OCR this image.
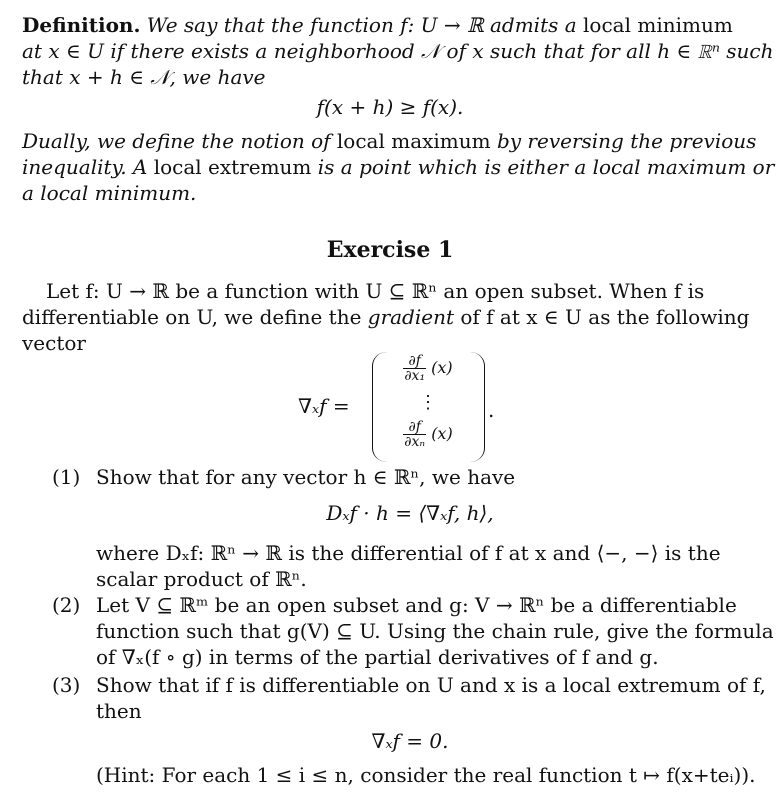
Definition. We say that the function f: U → ℝ admits a local minimum
at x ∈ U if there exists a neighborhood 𝒩 of x such that for all h ∈ ℝⁿ such
that x + h ∈ 𝒩, we have
f(x + h) ≥ f(x).
Dually, we define the notion of local maximum by reversing the previous
inequality. A local extremum is a point which is either a local maximum or
a local minimum.
Exercise 1
Let f: U → ℝ be a function with U ⊆ ℝⁿ an open subset. When f is
differentiable on U, we define the gradient of f at x ∈ U as the following
vector
∇ₓf =
$\frac{\partial f}{\text{∂x₁}} (x)$
⋮
$\frac{\partial f}{\text{∂xₙ}} (x)$
.
(1) Show that for any vector h ∈ ℝⁿ, we have
Dₓf · h = ⟨∇ₓf, h⟩,
where Dₓf: ℝⁿ → ℝ is the differential of f at x and ⟨−, −⟩ is the
scalar product of ℝⁿ.
(2) Let V ⊆ ℝᵐ be an open subset and g: V → ℝⁿ be a differentiable
function such that g(V) ⊆ U. Using the chain rule, give the formula
of ∇ₓ(f ∘ g) in terms of the partial derivatives of f and g.
(3) Show that if f is differentiable on U and x is a local extremum of f,
then
∇ₓf = 0.
(Hint: For each 1 ≤ i ≤ n, consider the real function t ↦ f(x+teᵢ)).
